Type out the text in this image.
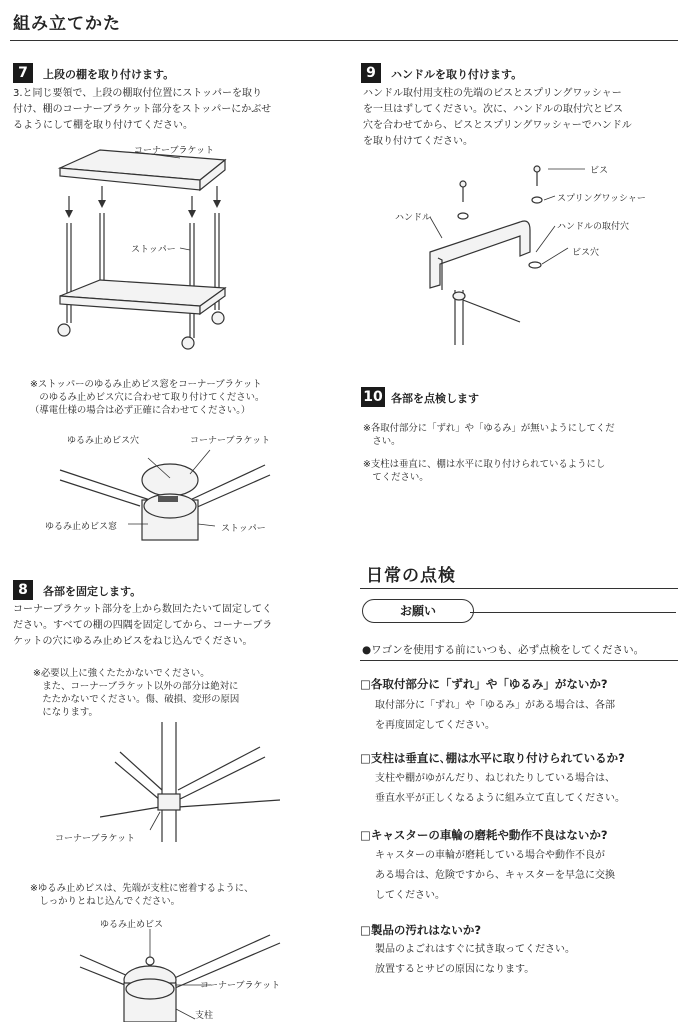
組み立てかた
7	上段の棚を取り付けます。
3.と同じ要領で、上段の棚取付位置にストッパーを取り
付け、棚のコーナーブラケット部分をストッパーにかぶせ
るようにして棚を取り付けてください。
コーナーブラケット
ストッパー
※ストッパーのゆるみ止めビス窓をコーナーブラケット
　のゆるみ止めビス穴に合わせて取り付けてください。
（導電仕様の場合は必ず正確に合わせてください。）
ゆるみ止めビス穴	コーナーブラケット
ゆるみ止めビス窓	ストッパー
8	各部を固定します。
コーナーブラケット部分を上から数回たたいて固定してく
ださい。すべての棚の四隅を固定してから、コーナーブラ
ケットの穴にゆるみ止めビスをねじ込んでください。
※必要以上に強くたたかないでください。
　また、コーナーブラケット以外の部分は絶対に
　たたかないでください。傷、破損、変形の原因
　になります。
コーナーブラケット
※ゆるみ止めビスは、先端が支柱に密着するように、
　しっかりとねじ込んでください。
ゆるみ止めビス
コーナーブラケット
支柱
9	ハンドルを取り付けます。
ハンドル取付用支柱の先端のビスとスプリングワッシャー
を一旦はずしてください。次に、ハンドルの取付穴とビス
穴を合わせてから、ビスとスプリングワッシャーでハンドル
を取り付けてください。
ビス
スプリングワッシャー
ハンドル
ハンドルの取付穴
ビス穴
10 各部を点検します
※各取付部分に「ずれ」や「ゆるみ」が無いようにしてくだ
　さい。
※支柱は垂直に、棚は水平に取り付けられているようにし
　てください。
日常の点検
お願い
●ワゴンを使用する前にいつも、必ず点検をしてください。
□各取付部分に「ずれ」や「ゆるみ」がないか?
取付部分に「ずれ」や「ゆるみ」がある場合は、各部
を再度固定してください。
□支柱は垂直に､棚は水平に取り付けられているか?
支柱や棚がゆがんだり、ねじれたりしている場合は、
垂直水平が正しくなるように組み立て直してください。
□キャスターの車輪の磨耗や動作不良はないか?
キャスターの車輪が磨耗している場合や動作不良が
ある場合は、危険ですから、キャスターを早急に交換
してください。
□製品の汚れはないか?
製品のよごれはすぐに拭き取ってください。
放置するとサビの原因になります。
